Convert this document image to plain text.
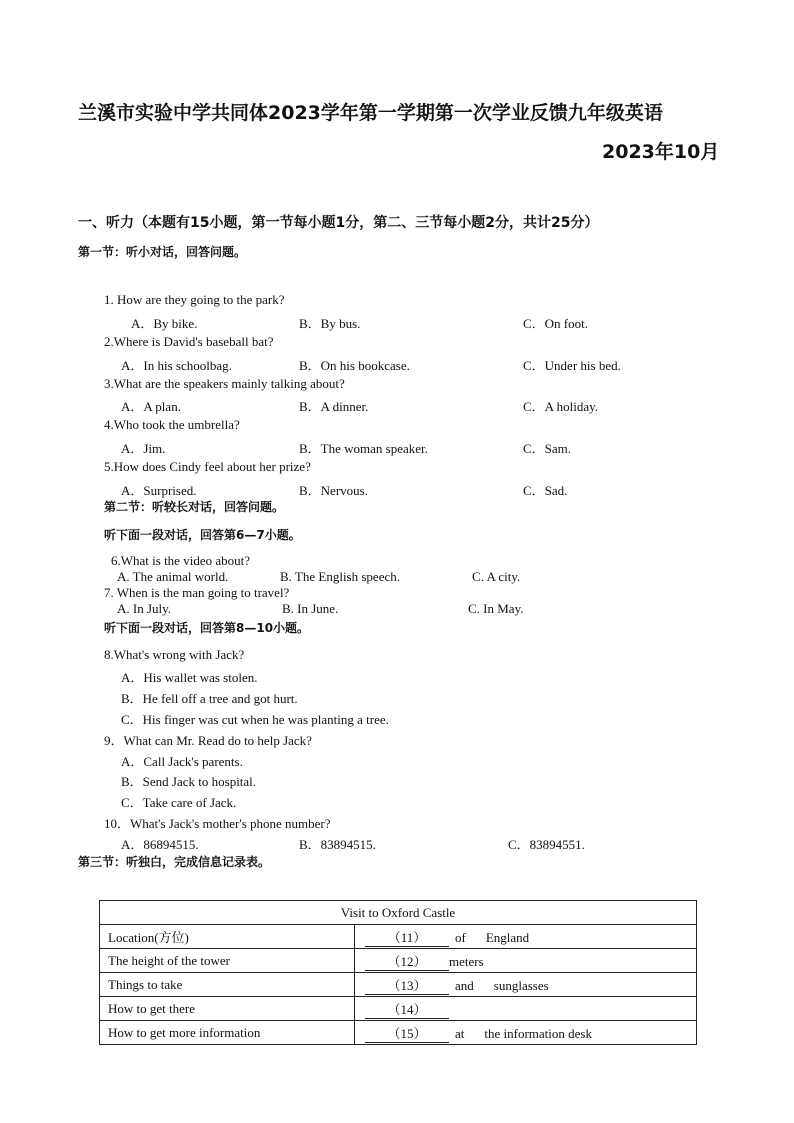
兰溪市实验中学共同体2023学年第一学期第一次学业反馈九年级英语
2023年10月
一、听力（本题有15小题，第一节每小题1分，第二、三节每小题2分，共计25分）
第一节：听小对话，回答问题。
1. How are they going to the park?
A．By bike.	B．By bus.	C．On foot.
2.Where is David's baseball bat?
A．In his schoolbag.	B．On his bookcase.	C．Under his bed.
3.What are the speakers mainly talking about?
A．A plan.	B．A dinner.	C．A holiday.
4.Who took the umbrella?
A．Jim.	B．The woman speaker.	C．Sam.
5.How does Cindy feel about her prize?
A．Surprised.	B．Nervous.	C．Sad.
第二节：听较长对话，回答问题。
听下面一段对话，回答第6—7小题。
6.What is the video about?
A. The animal world.	B. The English speech.	C. A city.
7. When is the man going to travel?
A. In July.	B. In June.	C. In May.
听下面一段对话，回答第8—10小题。
8.What's wrong with Jack?
A．His wallet was stolen.
B．He fell off a tree and got hurt.
C．His finger was cut when he was planting a tree.
9．What can Mr. Read do to help Jack?
A．Call Jack's parents.
B．Send Jack to hospital.
C．Take care of Jack.
10．What's Jack's mother's phone number?
A．86894515.	B．83894515.	C．83894551.
第三节：听独白，完成信息记录表。
Visit to Oxford Castle	
Location(方位)	（11） of England
The height of the tower	（12） meters
Things to take	（13） and sunglasses
How to get there	（14）
How to get more information	（15） at the information desk
